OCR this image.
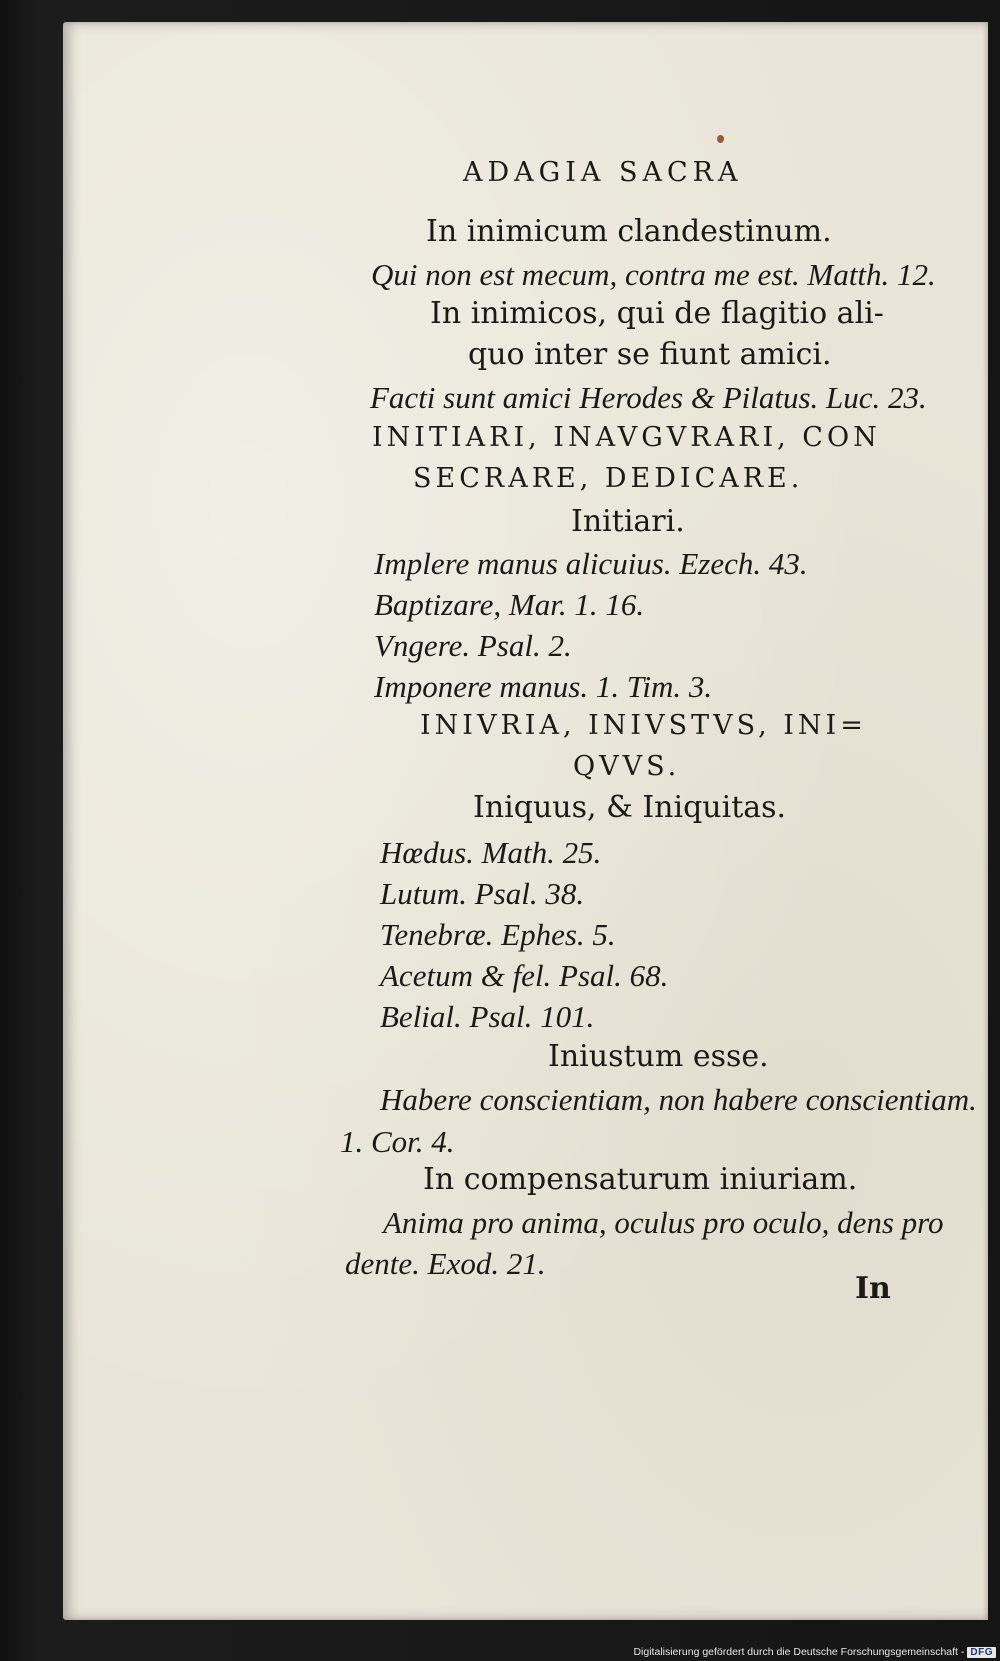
ADAGIA SACRA
In inimicum clandestinum.
Qui non est mecum, contra me est. Matth. 12.
In inimicos, qui de flagitio ali-
quo inter se fiunt amici.
Facti sunt amici Herodes & Pilatus. Luc. 23.
INITIARI, INAVGVRARI, CON
SECRARE, DEDICARE.
Initiari.
Implere manus alicuius. Ezech. 43.
Baptizare, Mar. 1. 16.
Vngere. Psal. 2.
Imponere manus. 1. Tim. 3.
INIVRIA, INIVSTVS, INI=
QVVS.
Iniquus, & Iniquitas.
Hœdus. Math. 25.
Lutum. Psal. 38.
Tenebræ. Ephes. 5.
Acetum & fel. Psal. 68.
Belial. Psal. 101.
Iniustum esse.
Habere conscientiam, non habere conscientiam.
1. Cor. 4.
In compensaturum iniuriam.
Anima pro anima, oculus pro oculo, dens pro
dente. Exod. 21.
In
Digitalisierung gefördert durch die Deutsche Forschungsgemeinschaft - DFG
